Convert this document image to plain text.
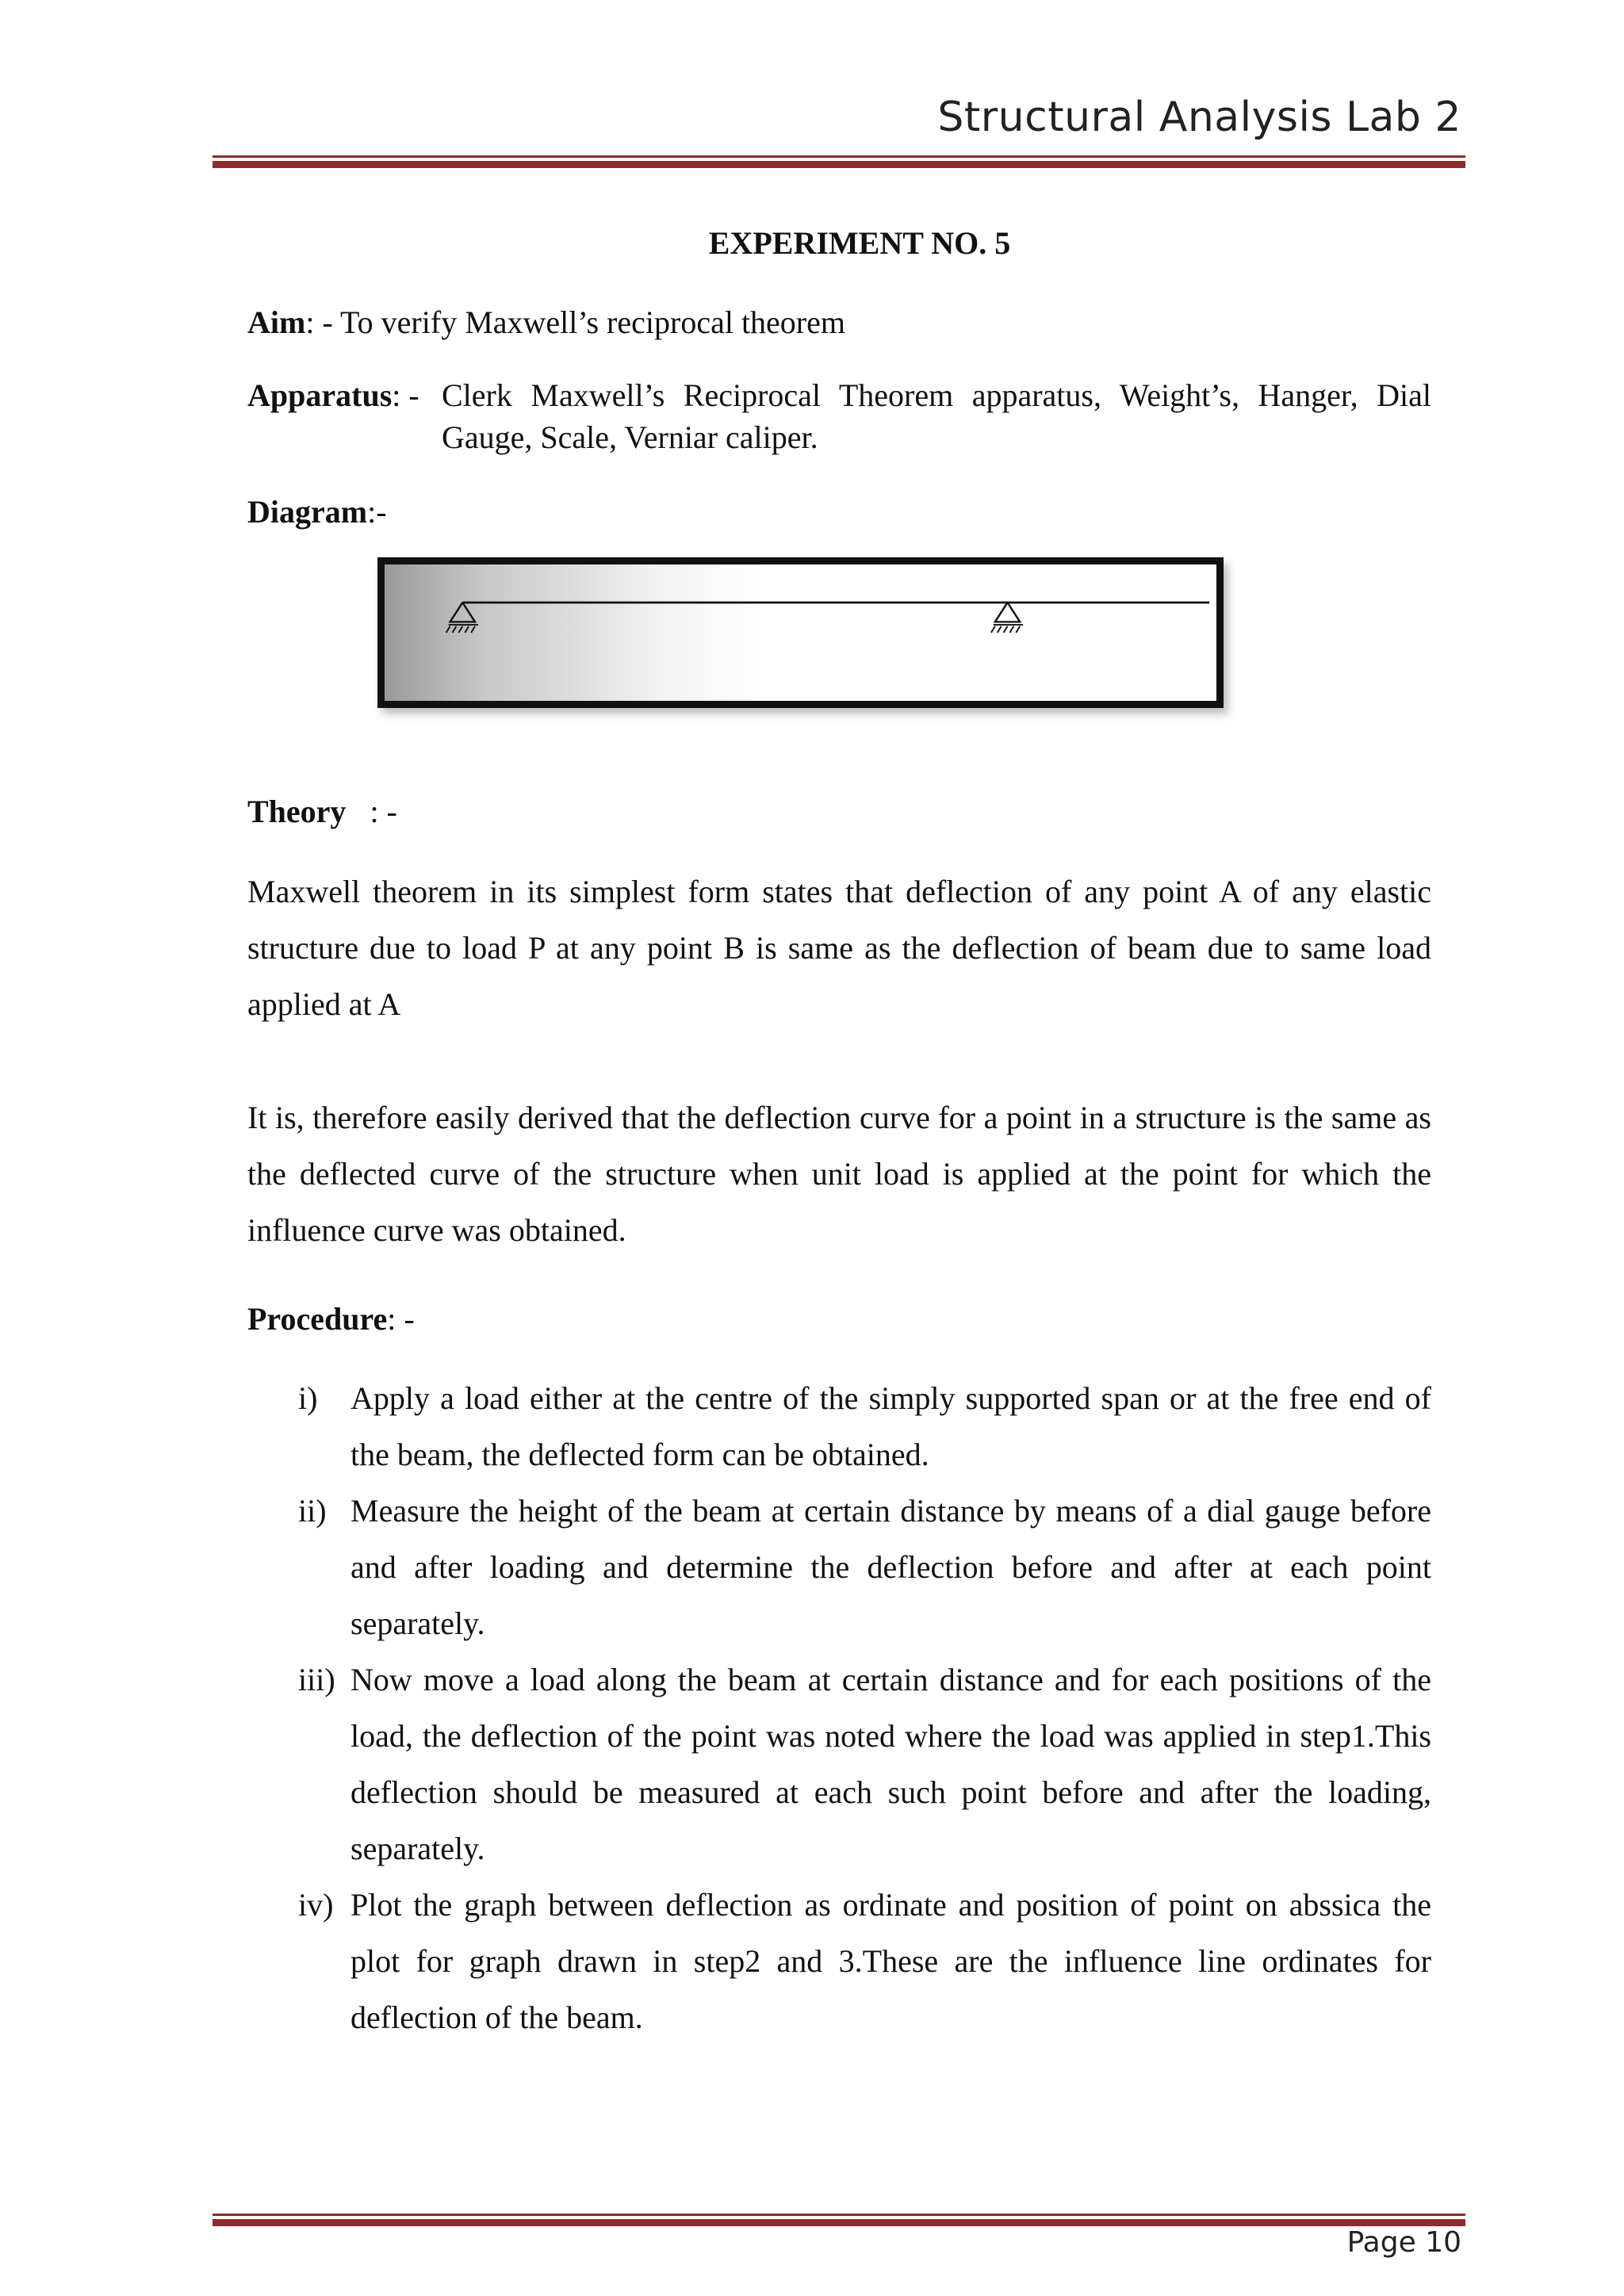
Structural Analysis Lab 2
EXPERIMENT NO. 5
Aim: - To verify Maxwell’s reciprocal theorem
Apparatus: - Clerk Maxwell’s Reciprocal Theorem apparatus, Weight’s, Hanger, Dial Gauge, Scale, Verniar caliper.
Diagram:-
Theory   : -
Maxwell theorem in its simplest form states that deflection of any point A of any elastic structure due to load P at any point B is same as the deflection of beam due to same load applied at A
It is, therefore easily derived that the deflection curve for a point in a structure is the same as the deflected curve of the structure when unit load is applied at the point for which the influence curve was obtained.
Procedure: -
i) Apply a load either at the centre of the simply supported span or at the free end of the beam, the deflected form can be obtained.
ii) Measure the height of the beam at certain distance by means of a dial gauge before and after loading and determine the deflection before and after at each point separately.
iii) Now move a load along the beam at certain distance and for each positions of the load, the deflection of the point was noted where the load was applied in step1.This deflection should be measured at each such point before and after the loading, separately.
iv) Plot the graph between deflection as ordinate and position of point on abssica the plot for graph drawn in step2 and 3.These are the influence line ordinates for deflection of the beam.
Page 10
